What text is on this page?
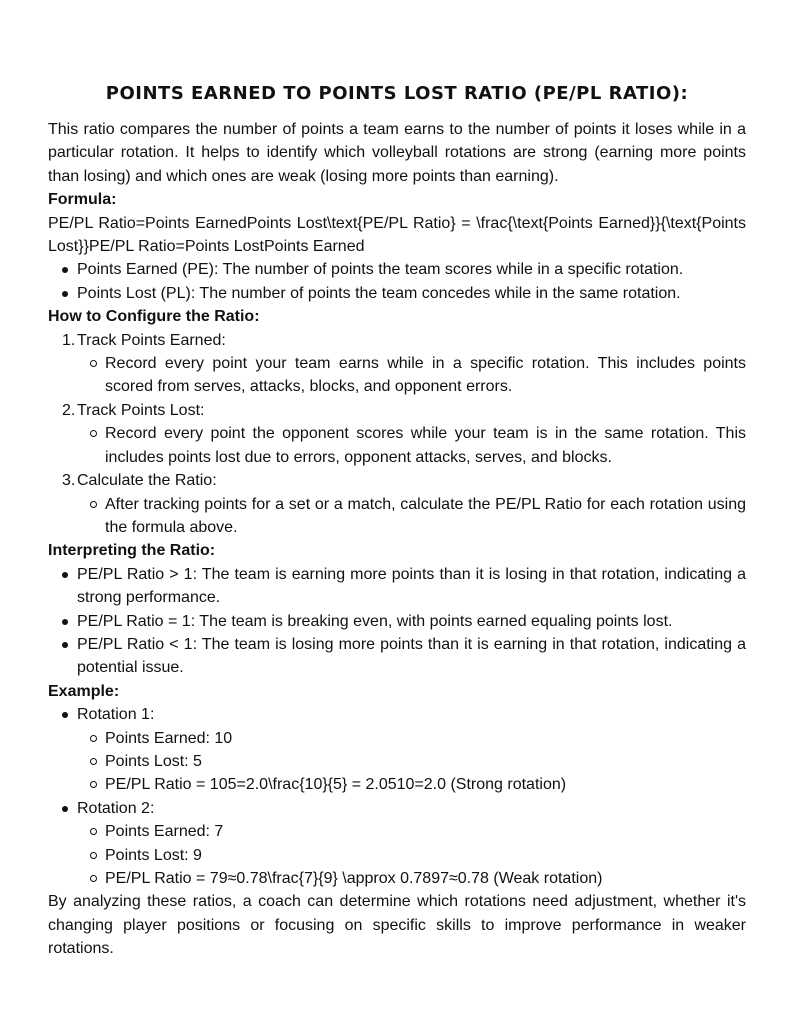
POINTS EARNED TO POINTS LOST RATIO (PE/PL RATIO):

This ratio compares the number of points a team earns to the number of points it loses while in a particular rotation. It helps to identify which volleyball rotations are strong (earning more points than losing) and which ones are weak (losing more points than earning).

Formula:

PE/PL Ratio=Points EarnedPoints Lost\text{PE/PL Ratio} = \frac{\text{Points Earned}}{\text{Points Lost}}PE/PL Ratio=Points LostPoints Earned

Points Earned (PE): The number of points the team scores while in a specific rotation.
Points Lost (PL): The number of points the team concedes while in the same rotation.

How to Configure the Ratio:

1. Track Points Earned:
Record every point your team earns while in a specific rotation. This includes points scored from serves, attacks, blocks, and opponent errors.
2. Track Points Lost:
Record every point the opponent scores while your team is in the same rotation. This includes points lost due to errors, opponent attacks, serves, and blocks.
3. Calculate the Ratio:
After tracking points for a set or a match, calculate the PE/PL Ratio for each rotation using the formula above.

Interpreting the Ratio:

PE/PL Ratio > 1: The team is earning more points than it is losing in that rotation, indicating a strong performance.
PE/PL Ratio = 1: The team is breaking even, with points earned equaling points lost.
PE/PL Ratio < 1: The team is losing more points than it is earning in that rotation, indicating a potential issue.

Example:

Rotation 1:
Points Earned: 10
Points Lost: 5
PE/PL Ratio = 105=2.0\frac{10}{5} = 2.0510=2.0 (Strong rotation)
Rotation 2:
Points Earned: 7
Points Lost: 9
PE/PL Ratio = 79≈0.78\frac{7}{9} \approx 0.7897≈0.78 (Weak rotation)

By analyzing these ratios, a coach can determine which rotations need adjustment, whether it's changing player positions or focusing on specific skills to improve performance in weaker rotations.
